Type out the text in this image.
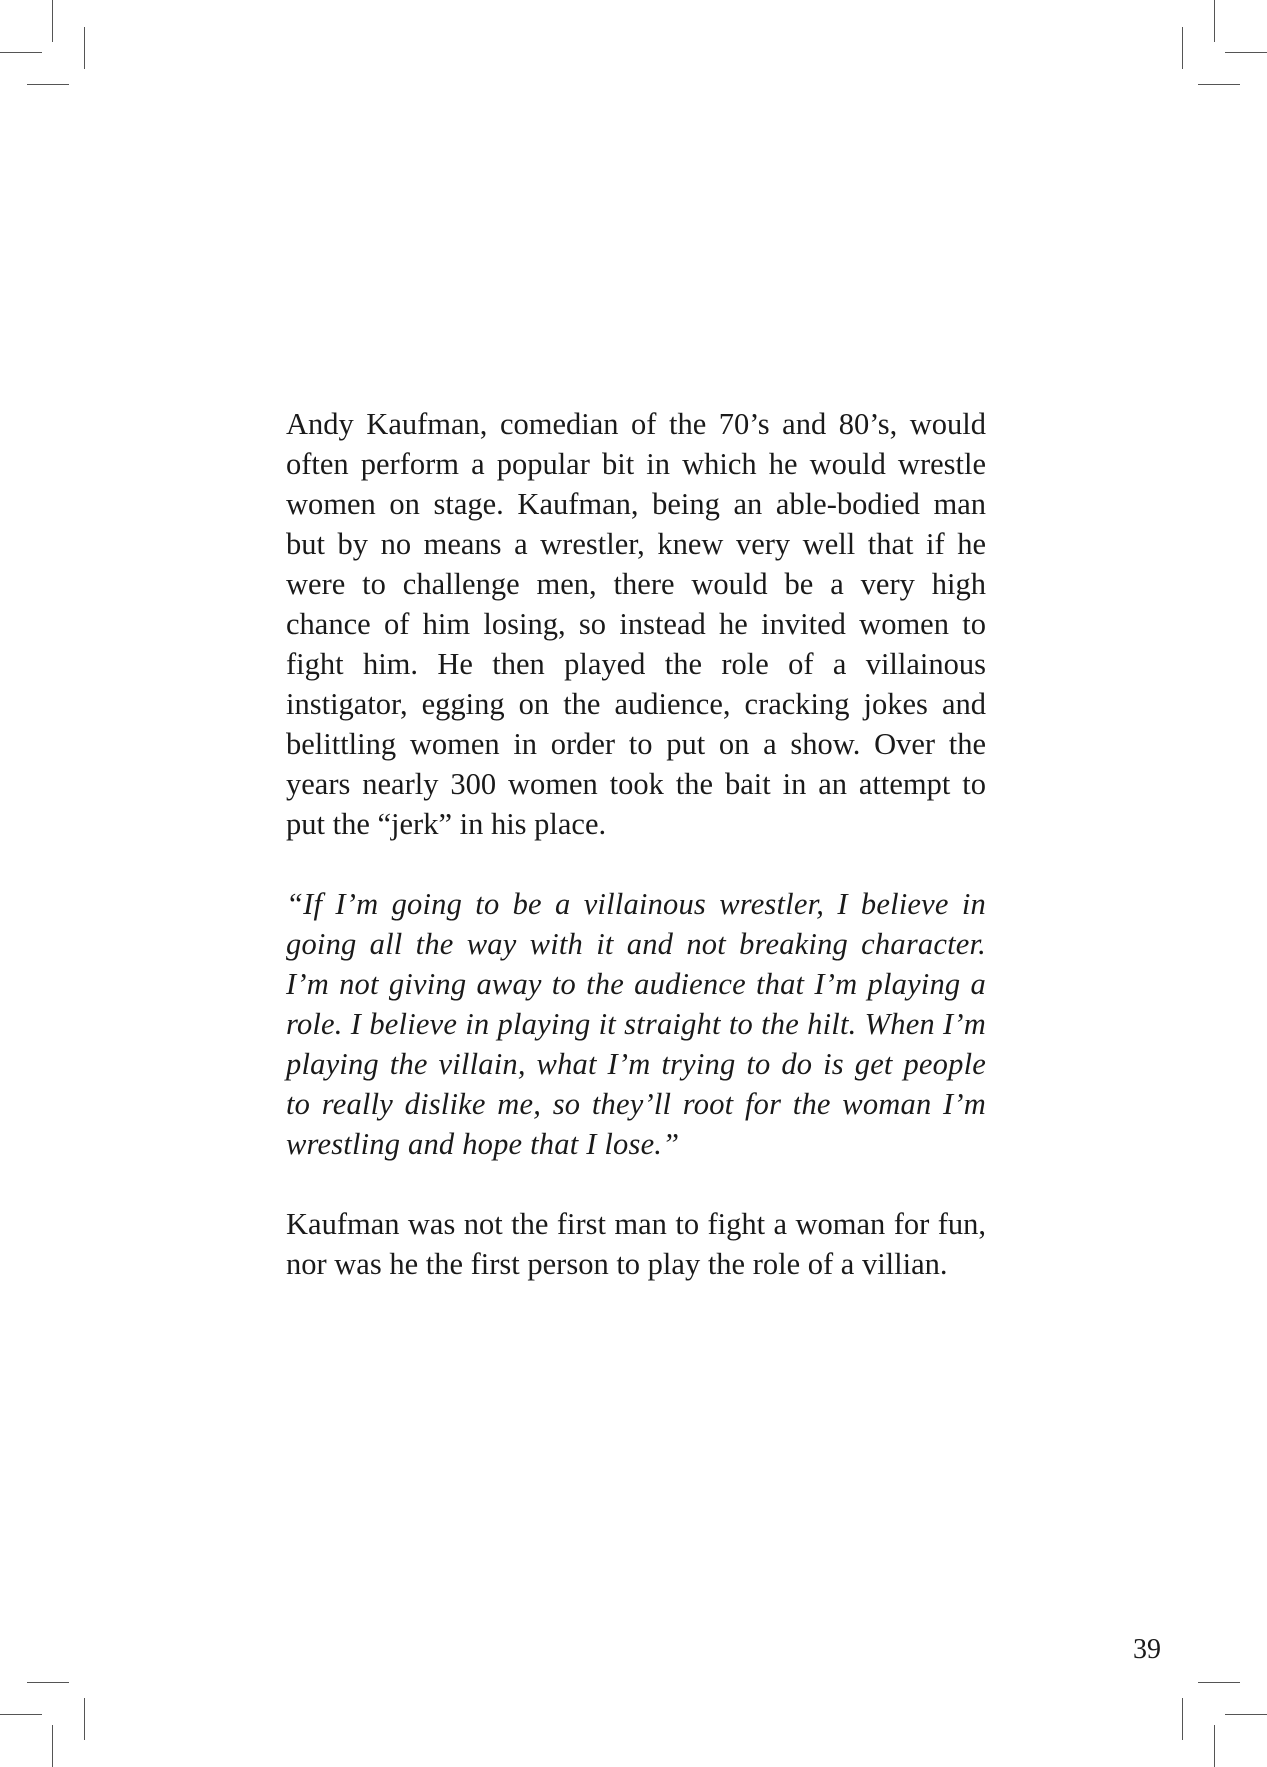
Andy Kaufman, comedian of the 70’s and 80’s, would often perform a popular bit in which he would wrestle women on stage. Kaufman, being an able-bodied man but by no means a wrestler, knew very well that if he were to challenge men, there would be a very high chance of him losing, so instead he invited women to fight him. He then played the role of a villainous instigator, egging on the audience, cracking jokes and belittling women in order to put on a show. Over the years nearly 300 women took the bait in an attempt to put the “jerk” in his place.

“If I’m going to be a villainous wrestler, I believe in going all the way with it and not breaking character. I’m not giving away to the audience that I’m playing a role. I believe in playing it straight to the hilt. When I’m playing the villain, what I’m trying to do is get people to really dislike me, so they’ll root for the woman I’m wrestling and hope that I lose.”

Kaufman was not the first man to fight a woman for fun, nor was he the first person to play the role of a villian.

39
